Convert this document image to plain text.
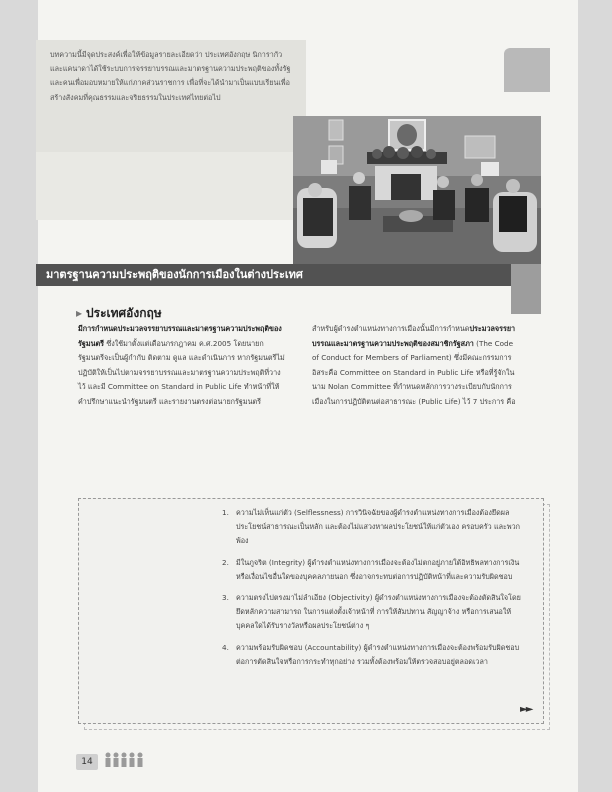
บทความนี้มีจุดประสงค์เพื่อให้ข้อมูลรายละเอียดว่า ประเทศอังกฤษ นิการากัว และแคนาดาได้ใช้ระบบการจรรยาบรรณและมาตรฐานความประพฤติของทั้งรัฐและคนเพื่อมอบหมายให้แก่ภาคส่วนราชการ เพื่อที่จะได้นำมาเป็นแบบเรียนเพื่อสร้างสังคมที่คุณธรรมและจริยธรรมในประเทศไทยต่อไป
มาตรฐานความประพฤติของนักการเมืองในต่างประเทศ
▸ ประเทศอังกฤษ
มีการกำหนดประมวลจรรยาบรรณและมาตรฐานความประพฤติของรัฐมนตรี ซึ่งใช้มาตั้งแต่เดือนกรกฎาคม ค.ศ.2005 โดยนายกรัฐมนตรีจะเป็นผู้กำกับ ติดตาม ดูแล และดำเนินการ หากรัฐมนตรีไม่ปฏิบัติให้เป็นไปตามจรรยาบรรณและมาตรฐานความประพฤติที่วางไว้ และมี Committee on Standard in Public Life ทำหน้าที่ให้คำปรึกษาแนะนำรัฐมนตรี และรายงานตรงต่อนายกรัฐมนตรี
สำหรับผู้ดำรงตำแหน่งทางการเมืองนั้นมีการกำหนดประมวลจรรยาบรรณและมาตรฐานความประพฤติของสมาชิกรัฐสภา (The Code of Conduct for Members of Parliament) ซึ่งมีคณะกรรมการอิสระคือ Committee on Standard in Public Life หรือที่รู้จักในนาม Nolan Committee ที่กำหนดหลักการวางระเบียบกับนักการเมืองในการปฏิบัติตนต่อสาธารณะ (Public Life) ไว้ 7 ประการ คือ
1. ความไม่เห็นแก่ตัว (Selflessness) การวินิจฉัยของผู้ดำรงตำแหน่งทางการเมืองต้องยึดผลประโยชน์สาธารณะเป็นหลัก และต้องไม่แสวงหาผลประโยชน์ให้แก่ตัวเอง ครอบครัว และพวกพ้อง
2. มีในภูจริต (Integrity) ผู้ดำรงตำแหน่งทางการเมืองจะต้องไม่ตกอยู่ภายใต้อิทธิพลทางการเงินหรือเงื่อนไขอื่นใดของบุคคลภายนอก ซึ่งอาจกระทบต่อการปฏิบัติหน้าที่และความรับผิดชอบ
3. ความตรงไปตรงมาไม่ลำเอียง (Objectivity) ผู้ดำรงตำแหน่งทางการเมืองจะต้องตัดสินใจโดยยึดหลักความสามารถ ในการแต่งตั้งเจ้าหน้าที่ การให้สัมปทาน สัญญาจ้าง หรือการเสนอให้บุคคลใดได้รับรางวัลหรือผลประโยชน์ต่าง ๆ
4. ความพร้อมรับผิดชอบ (Accountability) ผู้ดำรงตำแหน่งทางการเมืองจะต้องพร้อมรับผิดชอบต่อการตัดสินใจหรือการกระทำทุกอย่าง รวมทั้งต้องพร้อมให้ตรวจสอบอยู่ตลอดเวลา
►►
14
